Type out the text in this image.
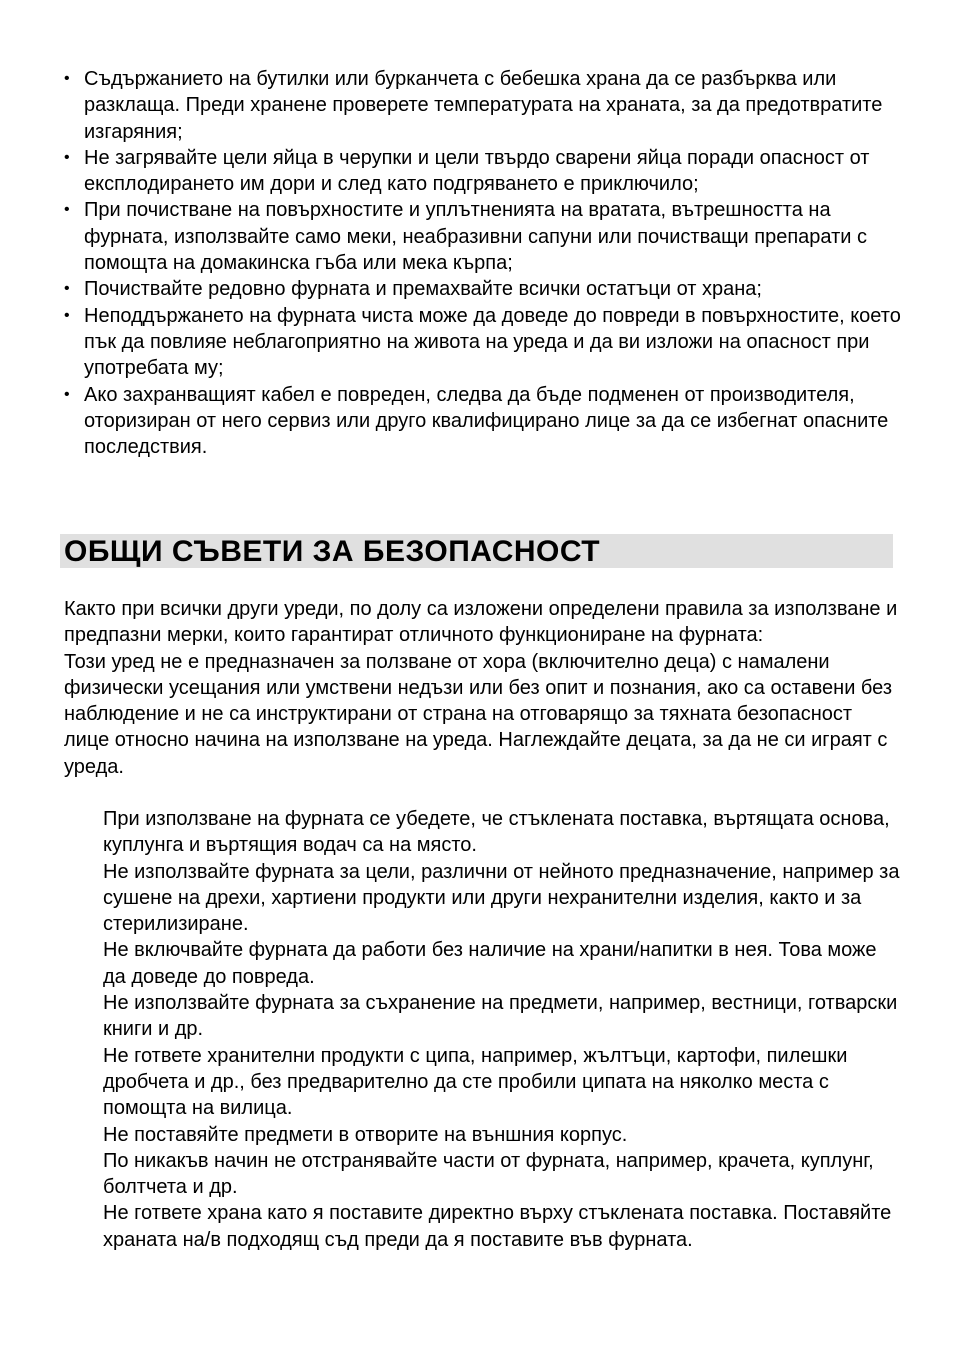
• Съдържанието на бутилки или бурканчета с бебешка храна да се разбърква или разклаща. Преди хранене проверете температурата на храната, за да предотвратите изгаряния;
• Не загрявайте цели яйца в черупки и цели твърдо сварени яйца поради опасност от експлодирането им дори и след като подгряването е приключило;
• При почистване на повърхностите и уплътненията на вратата, вътрешността на фурната, използвайте само меки, неабразивни сапуни или почистващи препарати с помощта на домакинска гъба или мека кърпа;
• Почиствайте редовно фурната и премахвайте всички остатъци от храна;
• Неподдържането на фурната чиста може да доведе до повреди в повърхностите, което пък да повлияе неблагоприятно на живота на уреда и да ви изложи на опасност при употребата му;
• Ако захранващият кабел е повреден, следва да бъде подменен от производителя, оторизиран от него сервиз или друго квалифицирано лице за да се избегнат опасните последствия.
ОБЩИ СЪВЕТИ ЗА БЕЗОПАСНОСТ

Както при всички други уреди, по долу са изложени определени правила за използване и предпазни мерки, които гарантират отличното функциониране на фурната:

Този уред не е предназначен за ползване от хора (включително деца) с намалени физически усещания или умствени недъзи или без опит и познания, ако са оставени без наблюдение и не са инструктирани от страна на отговарящо за тяхната безопасност лице относно начина на използване на уреда. Наглеждайте децата, за да не си играят с уреда.

При използване на фурната се убедете, че стъклената поставка, въртящата основа, куплунга и въртящия водач са на място.

Не използвайте фурната за цели, различни от нейното предназначение, например за сушене на дрехи, хартиени продукти или други нехранителни изделия, както и за стерилизиране.

Не включвайте фурната да работи без наличие на храни/напитки в нея. Това може да доведе до повреда.

Не използвайте фурната за съхранение на предмети, например, вестници, готварски книги и др.

Не гответе хранителни продукти с ципа, например, жълтъци, картофи, пилешки дробчета и др., без предварително да сте пробили ципата на няколко места с помощта на вилица.

Не поставяйте предмети в отворите на външния корпус.

По никакъв начин не отстранявайте части от фурната, например, крачета, куплунг, болтчета и др.

Не гответе храна като я поставите директно върху стъклената поставка. Поставяйте храната на/в подходящ съд преди да я поставите във фурната.
